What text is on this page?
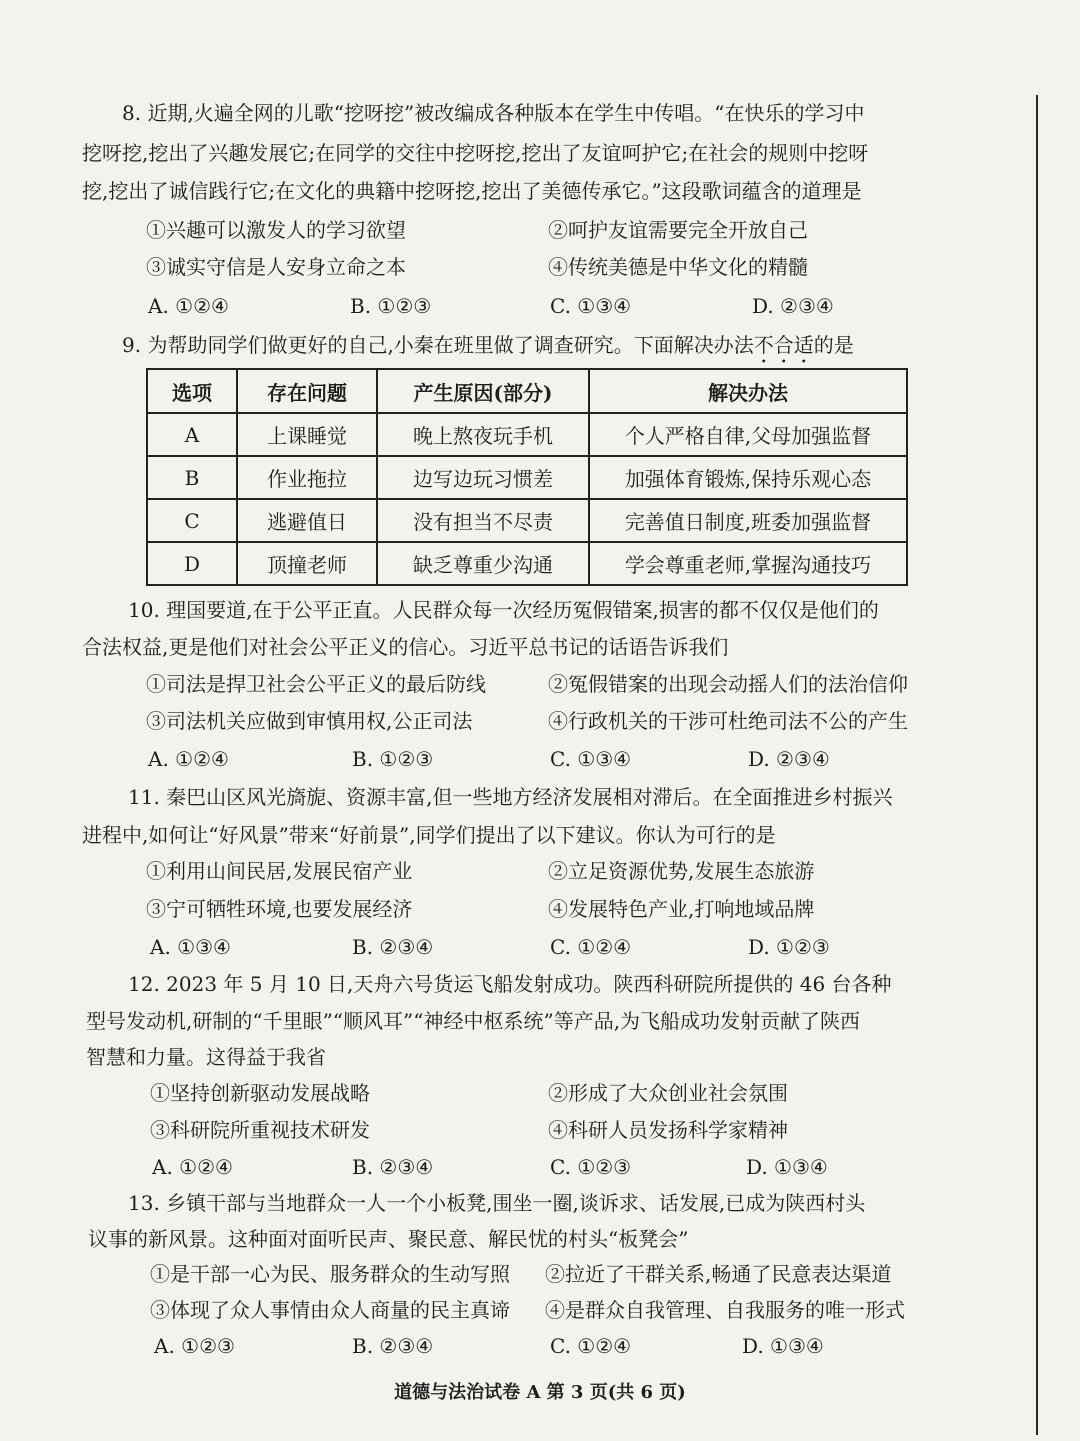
8. 近期,火遍全网的儿歌“挖呀挖”被改编成各种版本在学生中传唱。“在快乐的学习中
挖呀挖,挖出了兴趣发展它;在同学的交往中挖呀挖,挖出了友谊呵护它;在社会的规则中挖呀
挖,挖出了诚信践行它;在文化的典籍中挖呀挖,挖出了美德传承它。”这段歌词蕴含的道理是
①兴趣可以激发人的学习欲望	②呵护友谊需要完全开放自己
③诚实守信是人安身立命之本	④传统美德是中华文化的精髓
A. ①②④	B. ①②③	C. ①③④	D. ②③④
9. 为帮助同学们做更好的自己,小秦在班里做了调查研究。下面解决办法不合适的是
选项	存在问题	产生原因(部分)	解决办法
A	上课睡觉	晚上熬夜玩手机	个人严格自律,父母加强监督
B	作业拖拉	边写边玩习惯差	加强体育锻炼,保持乐观心态
C	逃避值日	没有担当不尽责	完善值日制度,班委加强监督
D	顶撞老师	缺乏尊重少沟通	学会尊重老师,掌握沟通技巧
10. 理国要道,在于公平正直。人民群众每一次经历冤假错案,损害的都不仅仅是他们的
合法权益,更是他们对社会公平正义的信心。习近平总书记的话语告诉我们
①司法是捍卫社会公平正义的最后防线	②冤假错案的出现会动摇人们的法治信仰
③司法机关应做到审慎用权,公正司法	④行政机关的干涉可杜绝司法不公的产生
A. ①②④	B. ①②③	C. ①③④	D. ②③④
11. 秦巴山区风光旖旎、资源丰富,但一些地方经济发展相对滞后。在全面推进乡村振兴
进程中,如何让“好风景”带来“好前景”,同学们提出了以下建议。你认为可行的是
①利用山间民居,发展民宿产业	②立足资源优势,发展生态旅游
③宁可牺牲环境,也要发展经济	④发展特色产业,打响地域品牌
A. ①③④	B. ②③④	C. ①②④	D. ①②③
12. 2023 年 5 月 10 日,天舟六号货运飞船发射成功。陕西科研院所提供的 46 台各种
型号发动机,研制的“千里眼”“顺风耳”“神经中枢系统”等产品,为飞船成功发射贡献了陕西
智慧和力量。这得益于我省
①坚持创新驱动发展战略	②形成了大众创业社会氛围
③科研院所重视技术研发	④科研人员发扬科学家精神
A. ①②④	B. ②③④	C. ①②③	D. ①③④
13. 乡镇干部与当地群众一人一个小板凳,围坐一圈,谈诉求、话发展,已成为陕西村头
议事的新风景。这种面对面听民声、聚民意、解民忧的村头“板凳会”
①是干部一心为民、服务群众的生动写照 ②拉近了干群关系,畅通了民意表达渠道
③体现了众人事情由众人商量的民主真谛 ④是群众自我管理、自我服务的唯一形式
A. ①②③	B. ②③④	C. ①②④	D. ①③④
道德与法治试卷 A 第 3 页(共 6 页)
